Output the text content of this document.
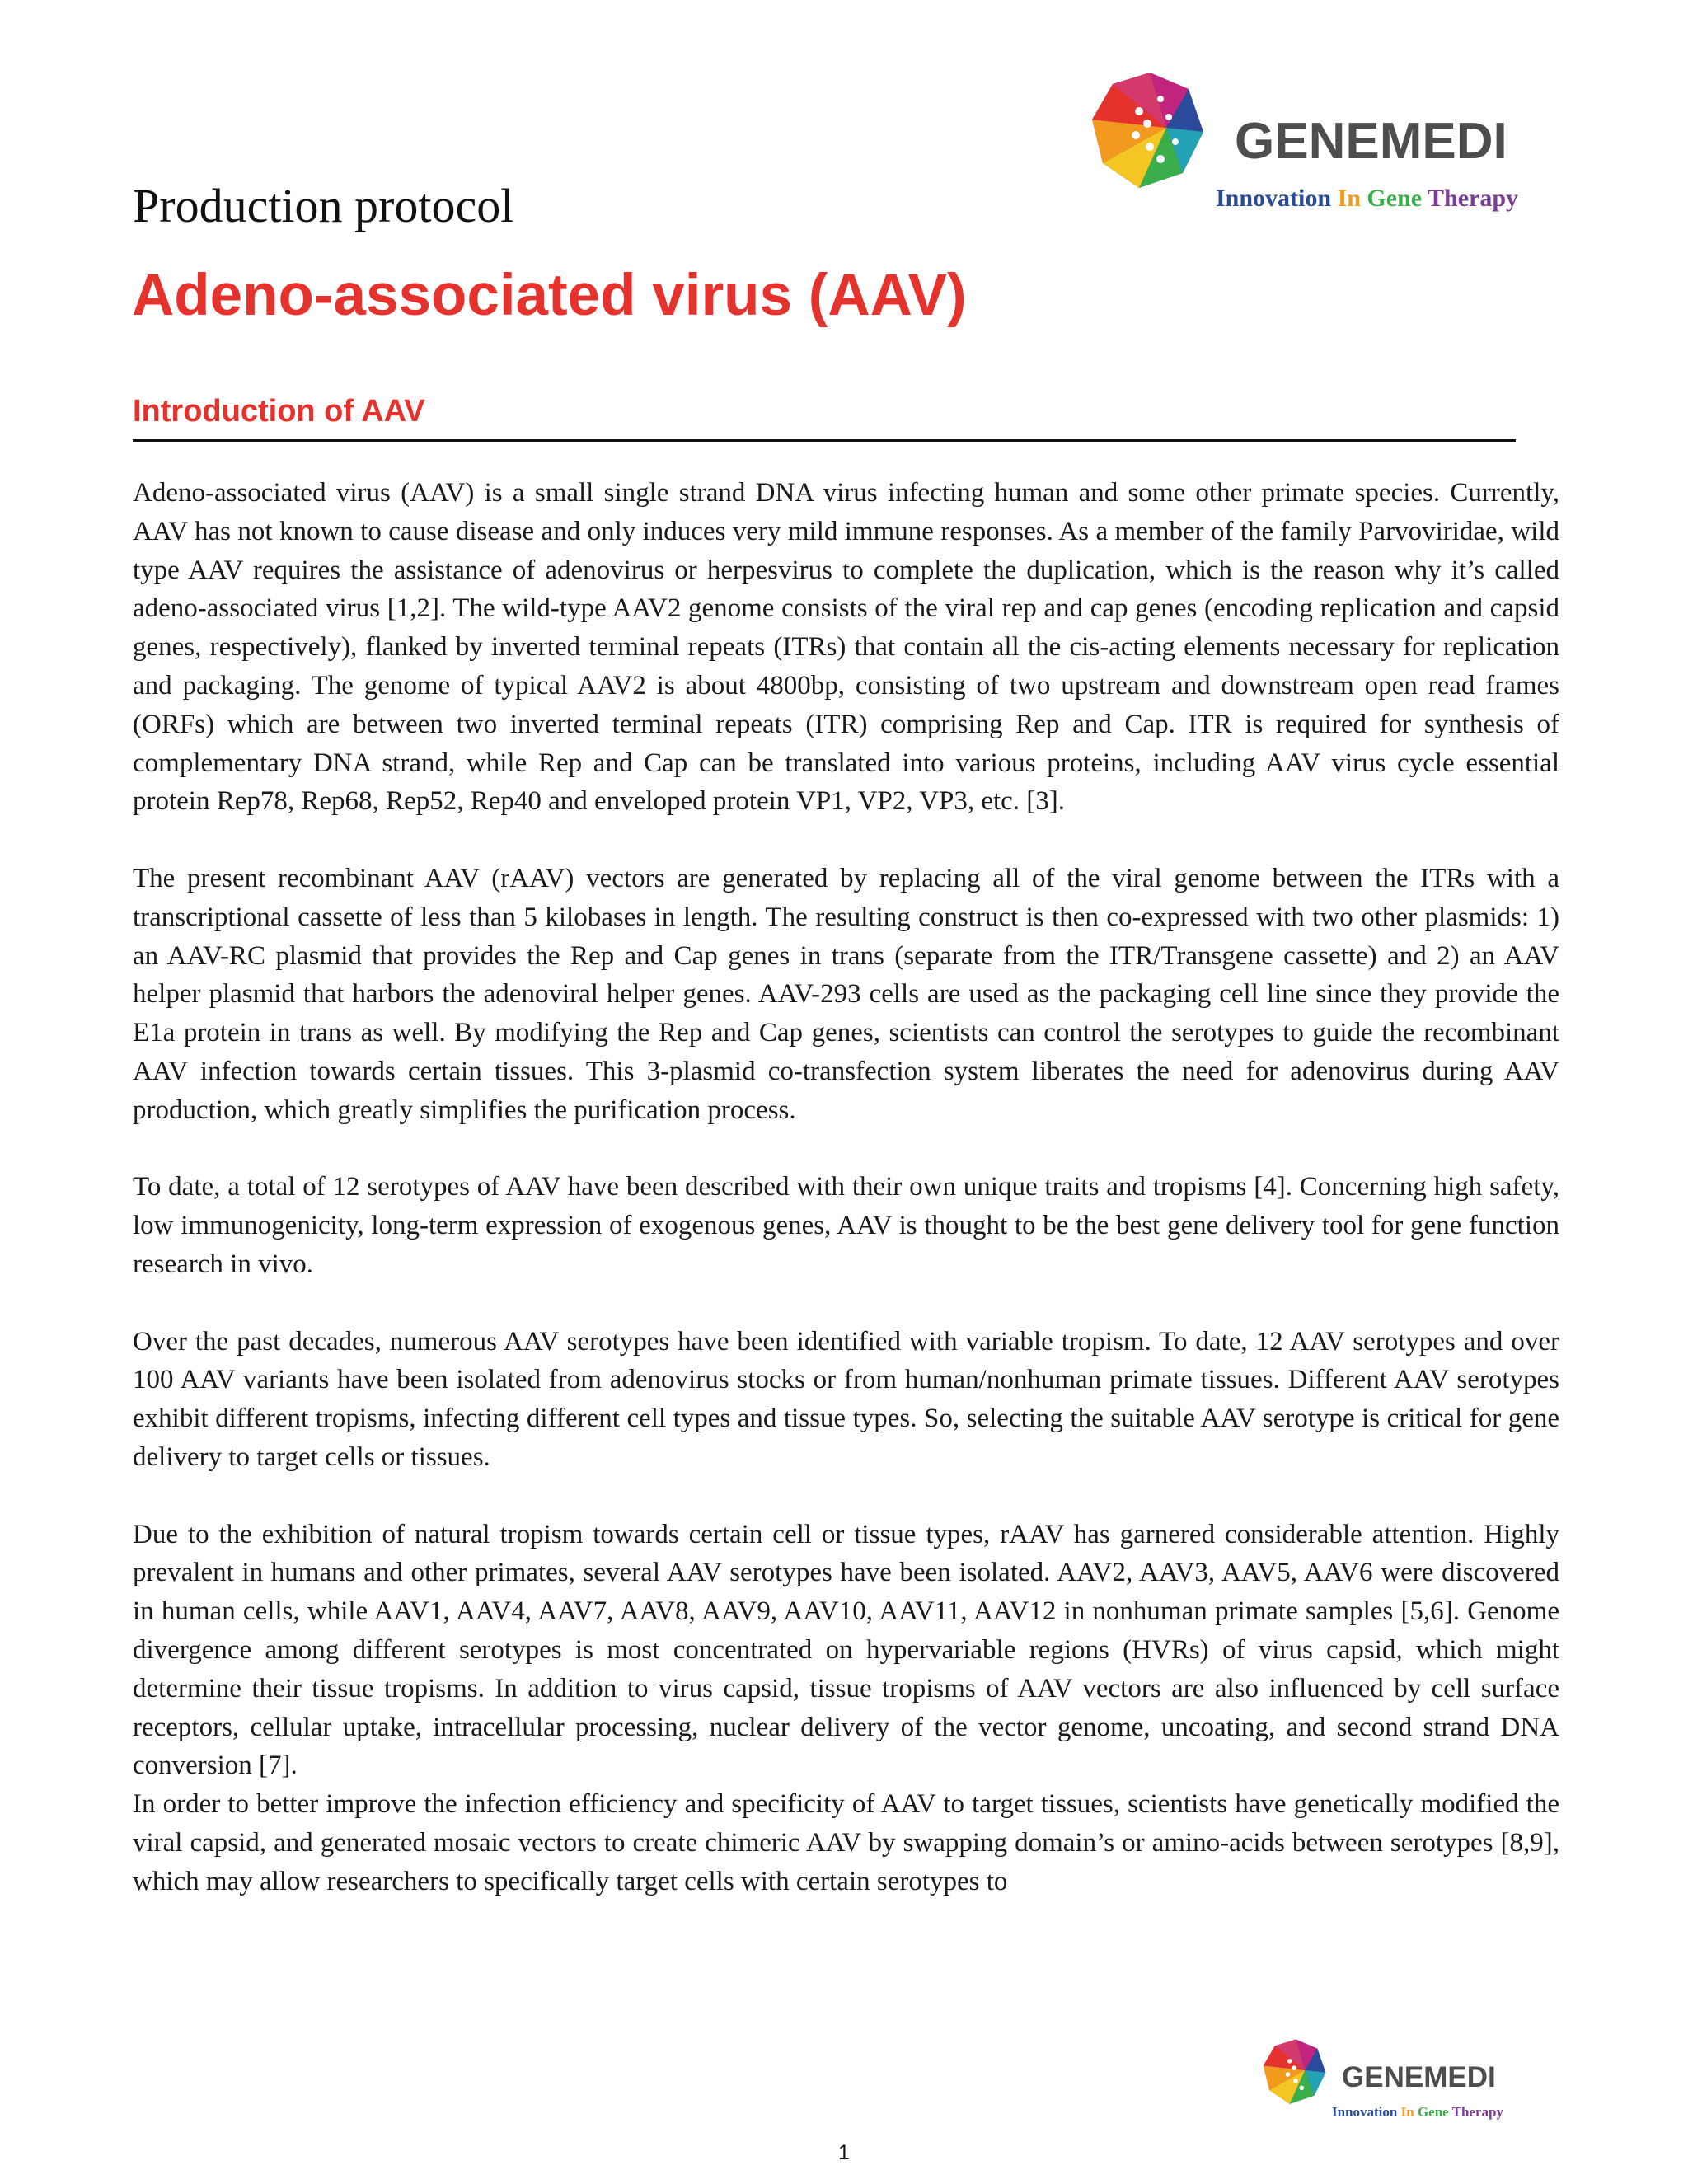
GENEMEDI
Innovation In Gene Therapy
Production protocol
Adeno-associated virus (AAV)
Introduction of AAV

Adeno-associated virus (AAV) is a small single strand DNA virus infecting human and some other primate species. Currently, AAV has not known to cause disease and only induces very mild immune responses. As a member of the family Parvoviridae, wild type AAV requires the assistance of adenovirus or herpesvirus to complete the duplication, which is the reason why it’s called adeno-associated virus [1,2]. The wild-type AAV2 genome consists of the viral rep and cap genes (encoding replication and capsid genes, respectively), flanked by inverted terminal repeats (ITRs) that contain all the cis-acting elements necessary for replication and packaging. The genome of typical AAV2 is about 4800bp, consisting of two upstream and downstream open read frames (ORFs) which are between two inverted terminal repeats (ITR) comprising Rep and Cap. ITR is required for synthesis of complementary DNA strand, while Rep and Cap can be translated into various proteins, including AAV virus cycle essential protein Rep78, Rep68, Rep52, Rep40 and enveloped protein VP1, VP2, VP3, etc. [3].

The present recombinant AAV (rAAV) vectors are generated by replacing all of the viral genome between the ITRs with a transcriptional cassette of less than 5 kilobases in length. The resulting construct is then co-expressed with two other plasmids: 1) an AAV-RC plasmid that provides the Rep and Cap genes in trans (separate from the ITR/Transgene cassette) and 2) an AAV helper plasmid that harbors the adenoviral helper genes. AAV-293 cells are used as the packaging cell line since they provide the E1a protein in trans as well. By modifying the Rep and Cap genes, scientists can control the serotypes to guide the recombinant AAV infection towards certain tissues. This 3-plasmid co-transfection system liberates the need for adenovirus during AAV production, which greatly simplifies the purification process.

To date, a total of 12 serotypes of AAV have been described with their own unique traits and tropisms [4]. Concerning high safety, low immunogenicity, long-term expression of exogenous genes, AAV is thought to be the best gene delivery tool for gene function research in vivo.

Over the past decades, numerous AAV serotypes have been identified with variable tropism. To date, 12 AAV serotypes and over 100 AAV variants have been isolated from adenovirus stocks or from human/nonhuman primate tissues. Different AAV serotypes exhibit different tropisms, infecting different cell types and tissue types. So, selecting the suitable AAV serotype is critical for gene delivery to target cells or tissues.

Due to the exhibition of natural tropism towards certain cell or tissue types, rAAV has garnered considerable attention. Highly prevalent in humans and other primates, several AAV serotypes have been isolated. AAV2, AAV3, AAV5, AAV6 were discovered in human cells, while AAV1, AAV4, AAV7, AAV8, AAV9, AAV10, AAV11, AAV12 in nonhuman primate samples [5,6]. Genome divergence among different serotypes is most concentrated on hypervariable regions (HVRs) of virus capsid, which might determine their tissue tropisms. In addition to virus capsid, tissue tropisms of AAV vectors are also influenced by cell surface receptors, cellular uptake, intracellular processing, nuclear delivery of the vector genome, uncoating, and second strand DNA conversion [7].

In order to better improve the infection efficiency and specificity of AAV to target tissues, scientists have genetically modified the viral capsid, and generated mosaic vectors to create chimeric AAV by swapping domain’s or amino-acids between serotypes [8,9], which may allow researchers to specifically target cells with certain serotypes to

GENEMEDI
Innovation In Gene Therapy
1
